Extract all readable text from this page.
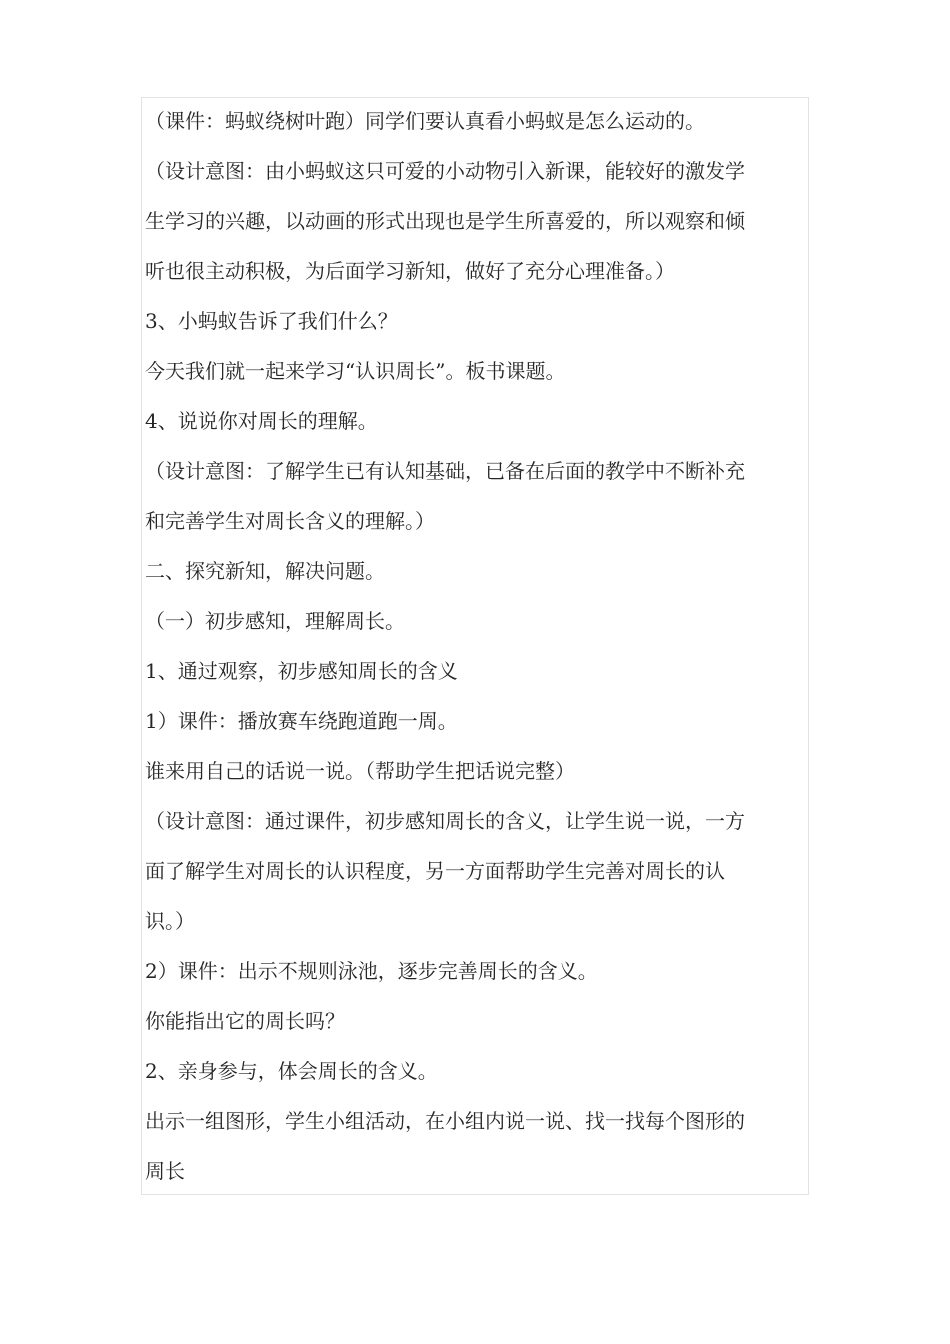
（课件：蚂蚁绕树叶跑）同学们要认真看小蚂蚁是怎么运动的。
（设计意图：由小蚂蚁这只可爱的小动物引入新课，能较好的激发学
生学习的兴趣，以动画的形式出现也是学生所喜爱的，所以观察和倾
听也很主动积极，为后面学习新知，做好了充分心理准备。）
3、小蚂蚁告诉了我们什么？
今天我们就一起来学习“认识周长”。板书课题。
4、说说你对周长的理解。
（设计意图：了解学生已有认知基础，已备在后面的教学中不断补充
和完善学生对周长含义的理解。）
二、探究新知，解决问题。
（一）初步感知，理解周长。
1、通过观察，初步感知周长的含义
1）课件：播放赛车绕跑道跑一周。
谁来用自己的话说一说。（帮助学生把话说完整）
（设计意图：通过课件，初步感知周长的含义，让学生说一说，一方
面了解学生对周长的认识程度，另一方面帮助学生完善对周长的认
识。）
2）课件：出示不规则泳池，逐步完善周长的含义。
你能指出它的周长吗？
2、亲身参与，体会周长的含义。
出示一组图形，学生小组活动，在小组内说一说、找一找每个图形的
周长
